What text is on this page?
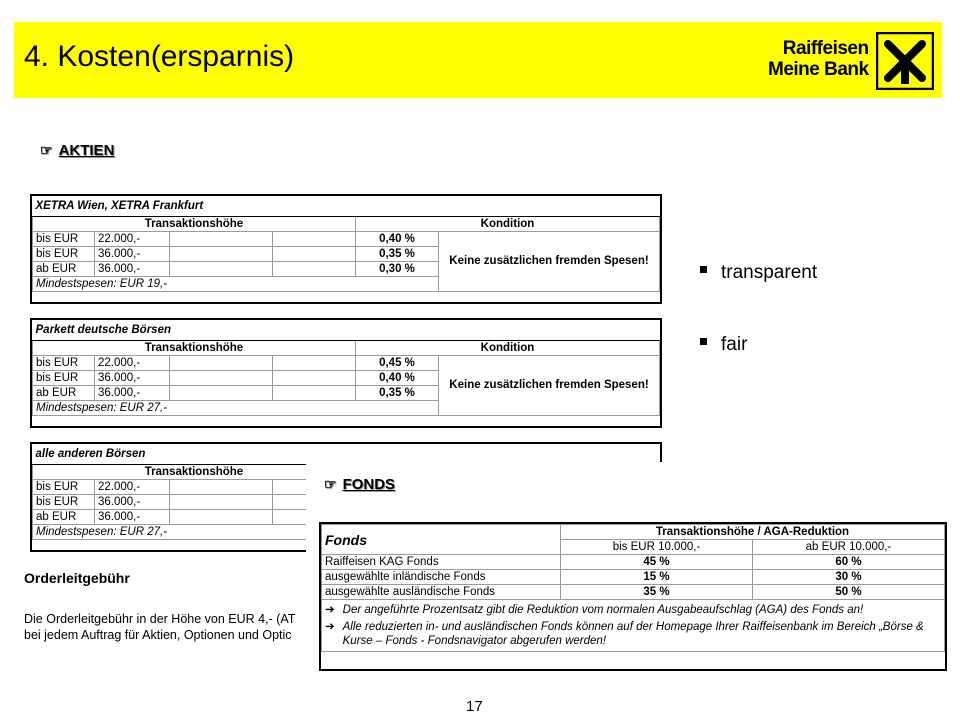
4. Kosten(ersparnis)	Raiffeisen
Meine Bank
☞ AKTIEN
XETRA Wien, XETRA Frankfurt					
Transaktionshöhe				Kondition	
bis EUR	22.000,-			0,40 %	Keine zusätzlichen fremden Spesen!
bis EUR	36.000,-			0,35 %	
ab EUR	36.000,-			0,30 %	
Mindestspesen: EUR 19,-					
Parkett deutsche Börsen					
Transaktionshöhe				Kondition	
bis EUR	22.000,-			0,45 %	Keine zusätzlichen fremden Spesen!
bis EUR	36.000,-			0,40 %	
ab EUR	36.000,-			0,35 %	
Mindestspesen: EUR 27,-					
alle anderen Börsen					
Transaktionshöhe					
bis EUR	22.000,-				
bis EUR	36.000,-				
ab EUR	36.000,-				
Mindestspesen: EUR 27,-					
transparent
fair
Orderleitgebühr
Die Orderleitgebühr in der Höhe von EUR 4,- (AT
bei jedem Auftrag für Aktien, Optionen und Optic
☞ FONDS
Fonds	Transaktionshöhe / AGA-Reduktion	
	bis EUR 10.000,-	ab EUR 10.000,-
Raiffeisen KAG Fonds	45 %	60 %
ausgewählte inländische Fonds	15 %	30 %
ausgewählte ausländische Fonds	35 %	50 %

➔ Der angeführte Prozentsatz gibt die Reduktion vom normalen Ausgabeaufschlag (AGA) des Fonds an!
➔ Alle reduzierten in- und ausländischen Fonds können auf der Homepage Ihrer Raiffeisenbank im Bereich „Börse & Kurse – Fonds - Fondsnavigator abgerufen werden!		
17
